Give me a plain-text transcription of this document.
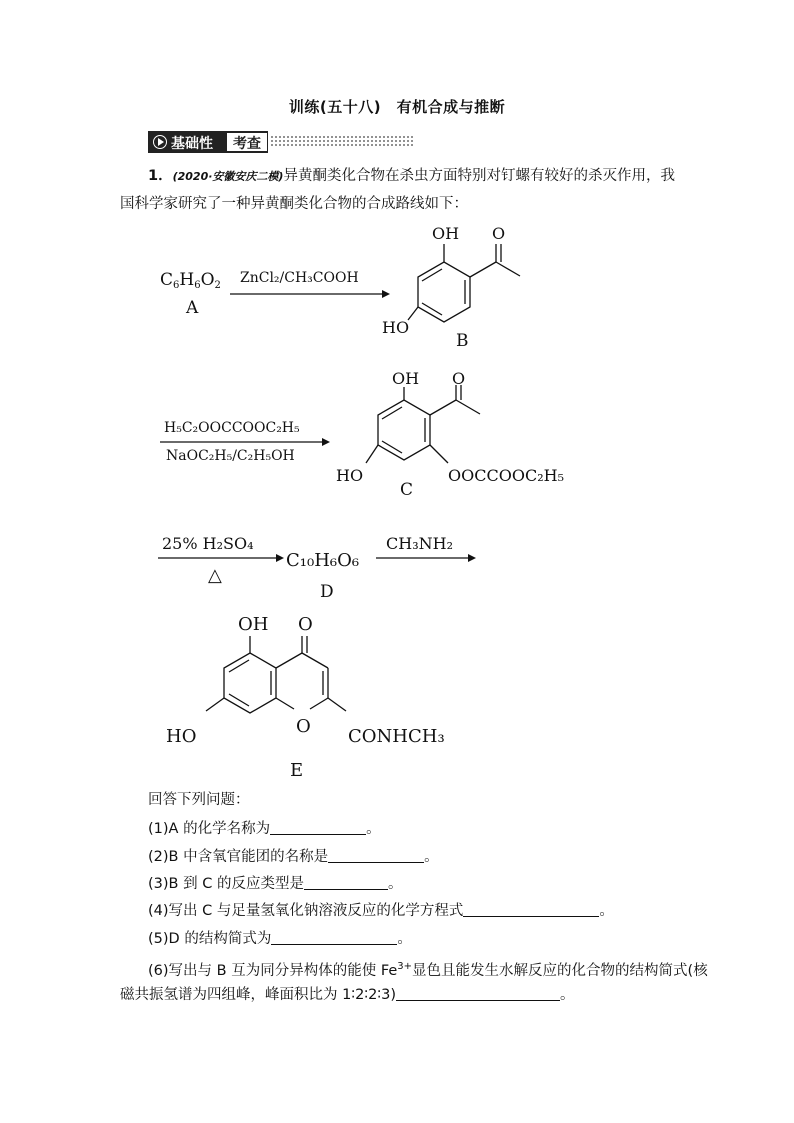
训练(五十八)　有机合成与推断
基础性	考查
1．(2020·安徽安庆二模)异黄酮类化合物在杀虫方面特别对钉螺有较好的杀灭作用，我
国科学家研究了一种异黄酮类化合物的合成路线如下：
$C_6H_6O_2$
A
ZnCl₂/CH₃COOH
OH O
HO
B
H₅C₂OOCCOOC₂H₅
NaOC₂H₅/C₂H₅OH
OH O
HO	OOCCOOC₂H₅
C
25% H₂SO₄
△
C₁₀H₆O₆
D
CH₃NH₂
OH O
HO	O CONHCH₃
E
回答下列问题：
(1)A 的化学名称为	。
(2)B 中含氧官能团的名称是	。
(3)B 到 C 的反应类型是	。
(4)写出 C 与足量氢氧化钠溶液反应的化学方程式	。
(5)D 的结构简式为	。
(6)写出与 B 互为同分异构体的能使 $Fe^{3+}$显色且能发生水解反应的化合物的结构简式(核
磁共振氢谱为四组峰，峰面积比为 1∶2∶2∶3)	。
